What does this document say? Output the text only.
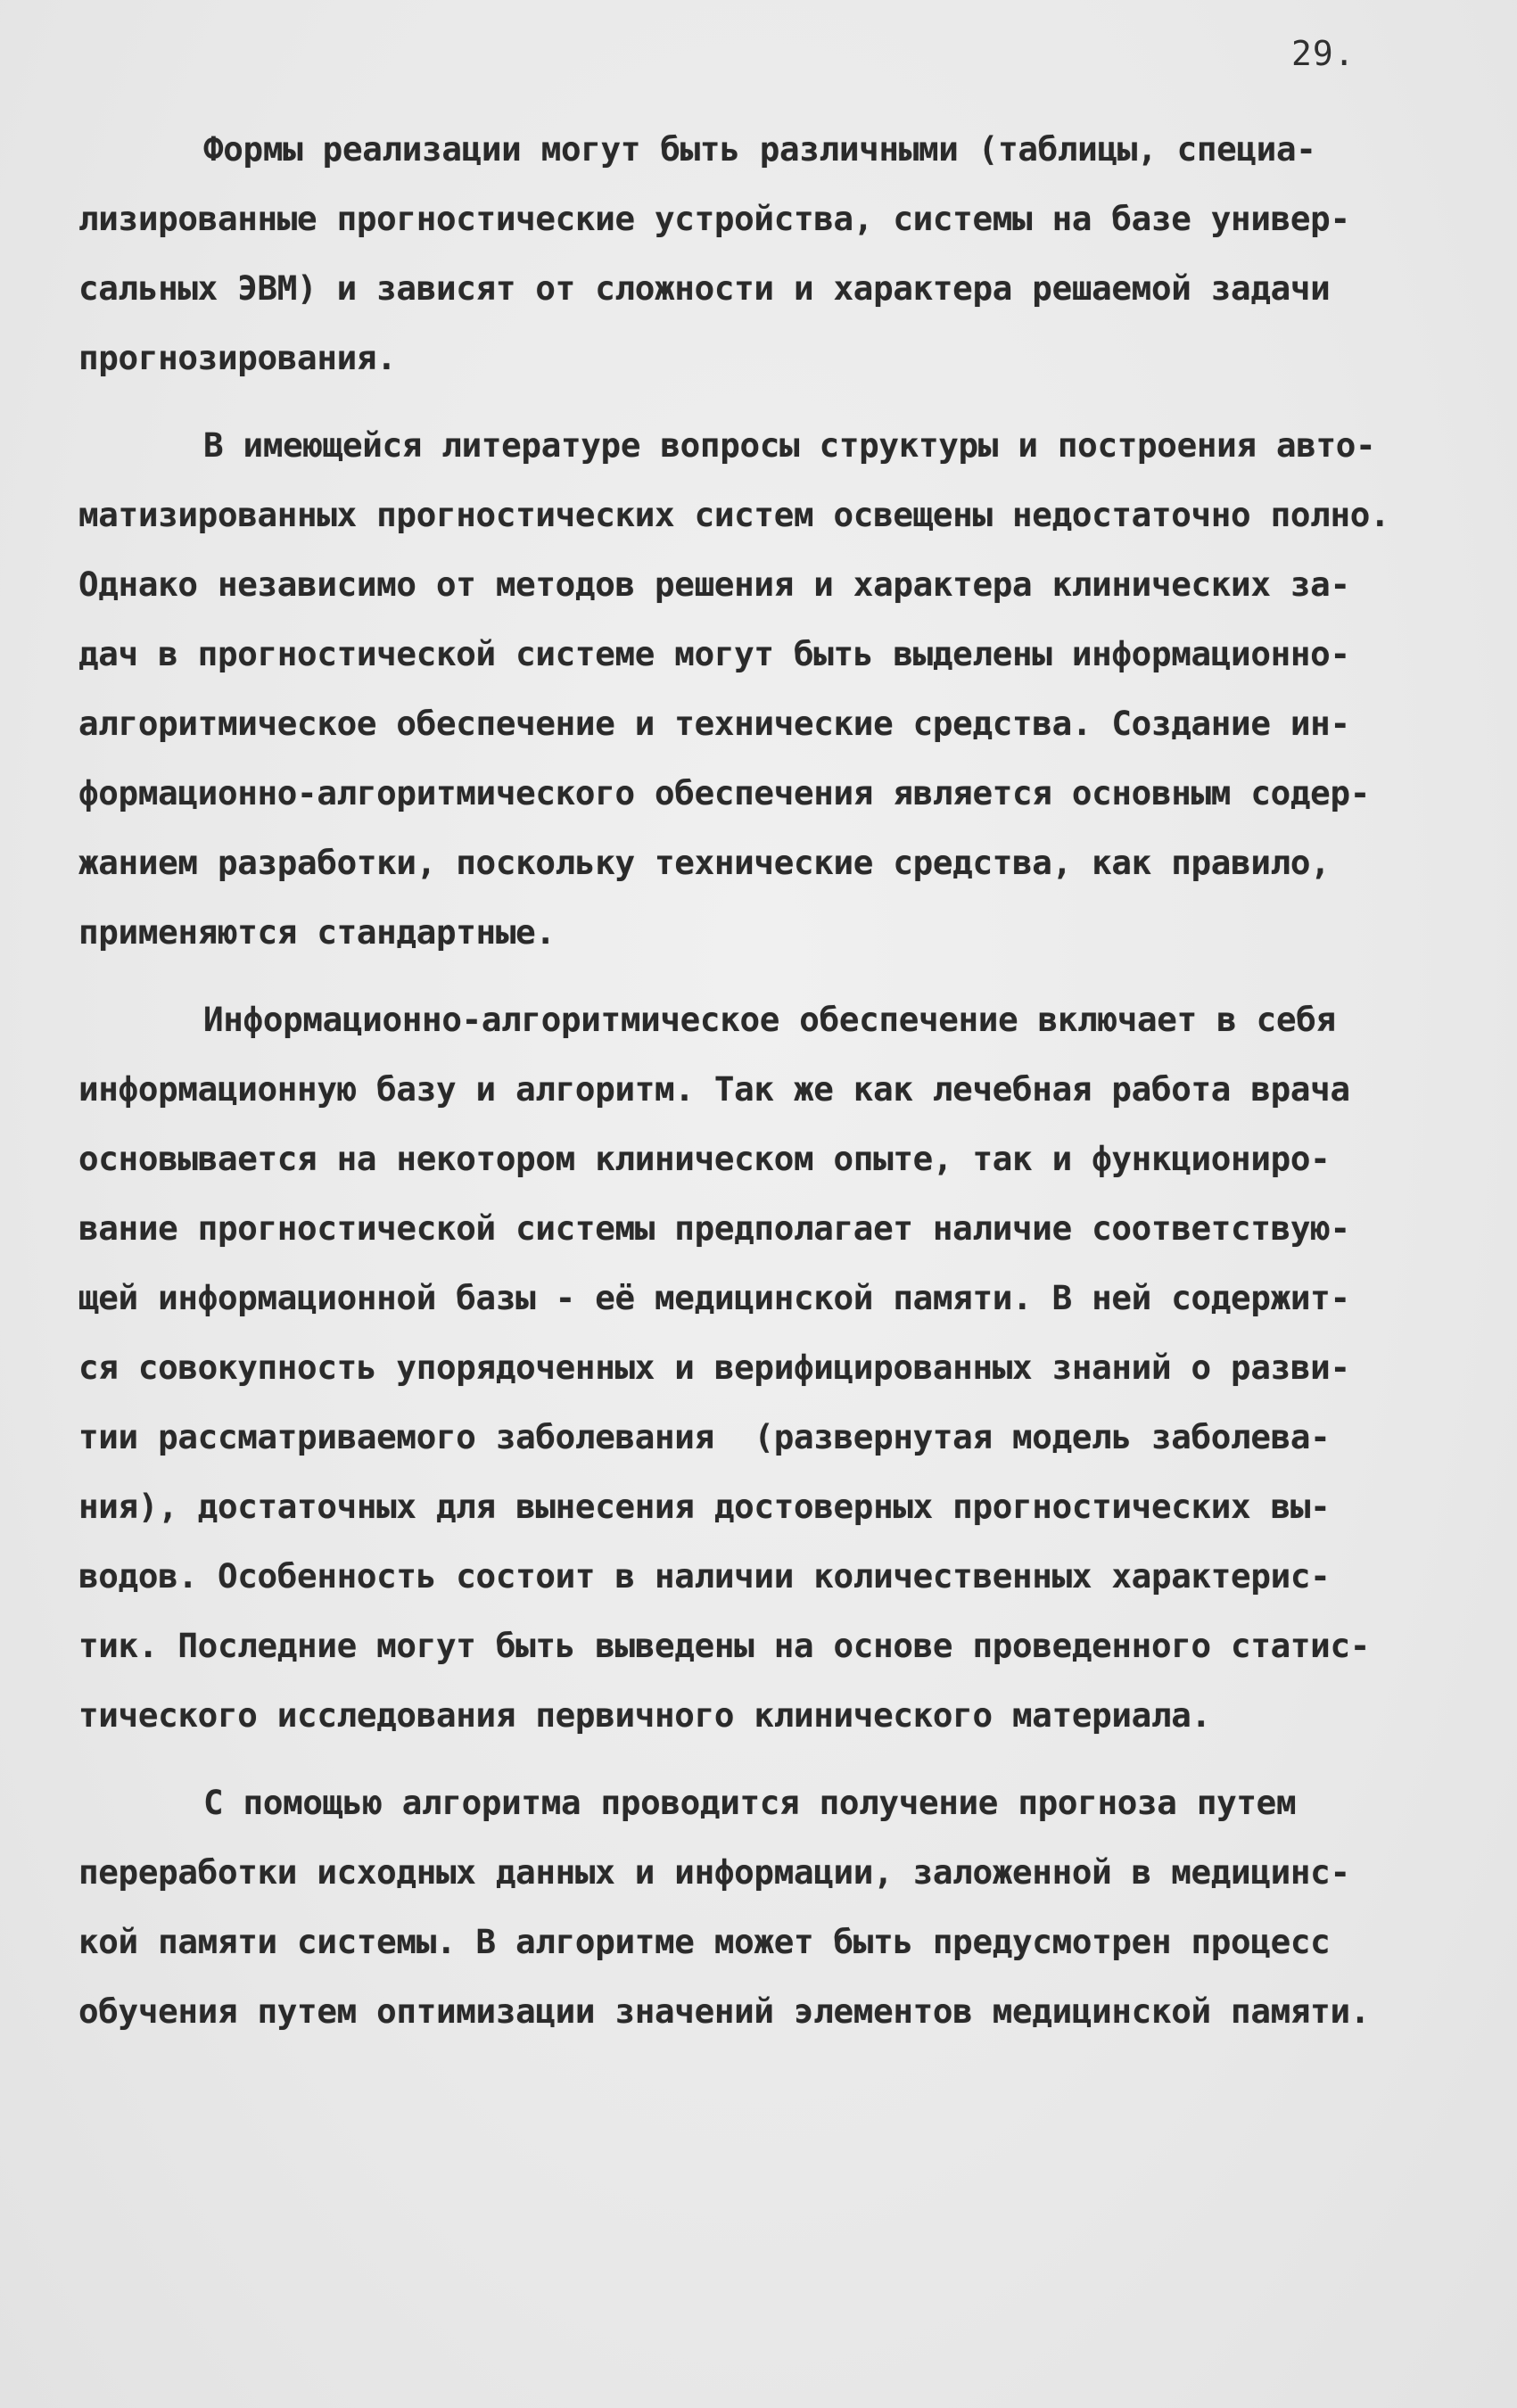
29.
Формы реализации могут быть различными (таблицы, специа-
лизированные прогностические устройства, системы на базе универ-
сальных ЭВМ) и зависят от сложности и характера решаемой задачи
прогнозирования.
В имеющейся литературе вопросы структуры и построения авто-
матизированных прогностических систем освещены недостаточно полно.
Однако независимо от методов решения и характера клинических за-
дач в прогностической системе могут быть выделены информационно-
алгоритмическое обеспечение и технические средства. Создание ин-
формационно-алгоритмического обеспечения является основным содер-
жанием разработки, поскольку технические средства, как правило,
применяются стандартные.
Информационно-алгоритмическое обеспечение включает в себя
информационную базу и алгоритм. Так же как лечебная работа врача
основывается на некотором клиническом опыте, так и функциониро-
вание прогностической системы предполагает наличие соответствую-
щей информационной базы - её медицинской памяти. В ней содержит-
ся совокупность упорядоченных и верифицированных знаний о разви-
тии рассматриваемого заболевания  (развернутая модель заболева-
ния), достаточных для вынесения достоверных прогностических вы-
водов. Особенность состоит в наличии количественных характерис-
тик. Последние могут быть выведены на основе проведенного статис-
тического исследования первичного клинического материала.
С помощью алгоритма проводится получение прогноза путем
переработки исходных данных и информации, заложенной в медицинс-
кой памяти системы. В алгоритме может быть предусмотрен процесс
обучения путем оптимизации значений элементов медицинской памяти.
